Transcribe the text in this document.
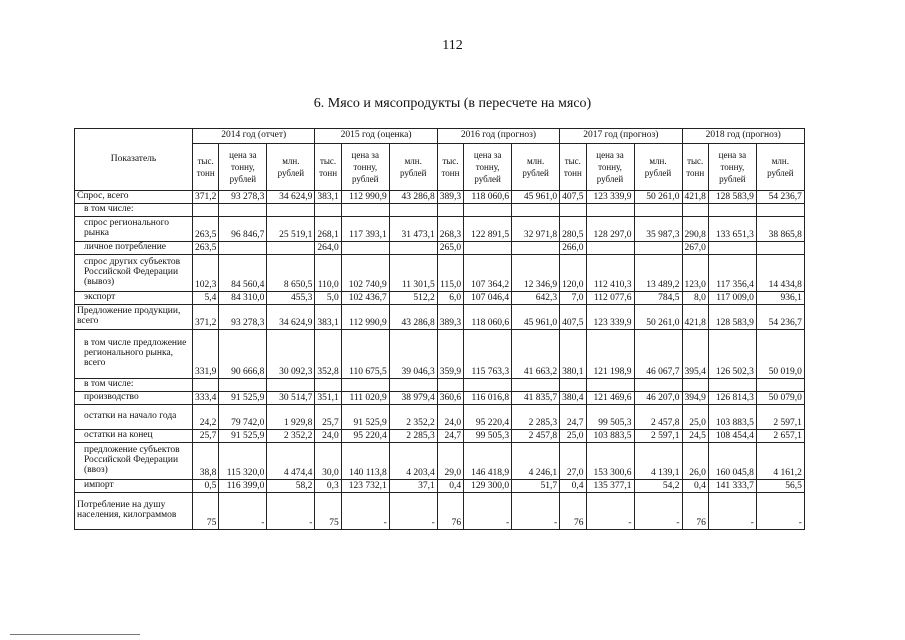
112
6. Мясо и мясопродукты (в пересчете на мясо)
Показатель	2014 год (отчет)			2015 год (оценка)			2016 год (прогноз)			2017 год (прогноз)			2018 год (прогноз)		
	тыс. тонн	цена за тонну, рублей	млн. рублей	тыс. тонн	цена за тонну, рублей	млн. рублей	тыс. тонн	цена за тонну, рублей	млн. рублей	тыс. тонн	цена за тонну, рублей	млн. рублей	тыс. тонн	цена за тонну, рублей	млн. рублей
Спрос, всего	371,2	93 278,3	34 624,9	383,1	112 990,9	43 286,8	389,3	118 060,6	45 961,0	407,5	123 339,9	50 261,0	421,8	128 583,9	54 236,7
в том числе:															
спрос регионального рынка	263,5	96 846,7	25 519,1	268,1	117 393,1	31 473,1	268,3	122 891,5	32 971,8	280,5	128 297,0	35 987,3	290,8	133 651,3	38 865,8
личное потребление	263,5			264,0			265,0			266,0			267,0		
спрос других субъектов Российской Федерации (вывоз)	102,3	84 560,4	8 650,5	110,0	102 740,9	11 301,5	115,0	107 364,2	12 346,9	120,0	112 410,3	13 489,2	123,0	117 356,4	14 434,8
экспорт	5,4	84 310,0	455,3	5,0	102 436,7	512,2	6,0	107 046,4	642,3	7,0	112 077,6	784,5	8,0	117 009,0	936,1
Предложение продукции, всего	371,2	93 278,3	34 624,9	383,1	112 990,9	43 286,8	389,3	118 060,6	45 961,0	407,5	123 339,9	50 261,0	421,8	128 583,9	54 236,7
в том числе предложение регионального рынка, всего	331,9	90 666,8	30 092,3	352,8	110 675,5	39 046,3	359,9	115 763,3	41 663,2	380,1	121 198,9	46 067,7	395,4	126 502,3	50 019,0
в том числе:															
производство	333,4	91 525,9	30 514,7	351,1	111 020,9	38 979,4	360,6	116 016,8	41 835,7	380,4	121 469,6	46 207,0	394,9	126 814,3	50 079,0
остатки на начало года	24,2	79 742,0	1 929,8	25,7	91 525,9	2 352,2	24,0	95 220,4	2 285,3	24,7	99 505,3	2 457,8	25,0	103 883,5	2 597,1
остатки на конец	25,7	91 525,9	2 352,2	24,0	95 220,4	2 285,3	24,7	99 505,3	2 457,8	25,0	103 883,5	2 597,1	24,5	108 454,4	2 657,1
предложение субъектов Российской Федерации (ввоз)	38,8	115 320,0	4 474,4	30,0	140 113,8	4 203,4	29,0	146 418,9	4 246,1	27,0	153 300,6	4 139,1	26,0	160 045,8	4 161,2
импорт	0,5	116 399,0	58,2	0,3	123 732,1	37,1	0,4	129 300,0	51,7	0,4	135 377,1	54,2	0,4	141 333,7	56,5
Потребление на душу населения, килограммов	75	-	-	75	-	-	76	-	-	76	-	-	76	-	-
